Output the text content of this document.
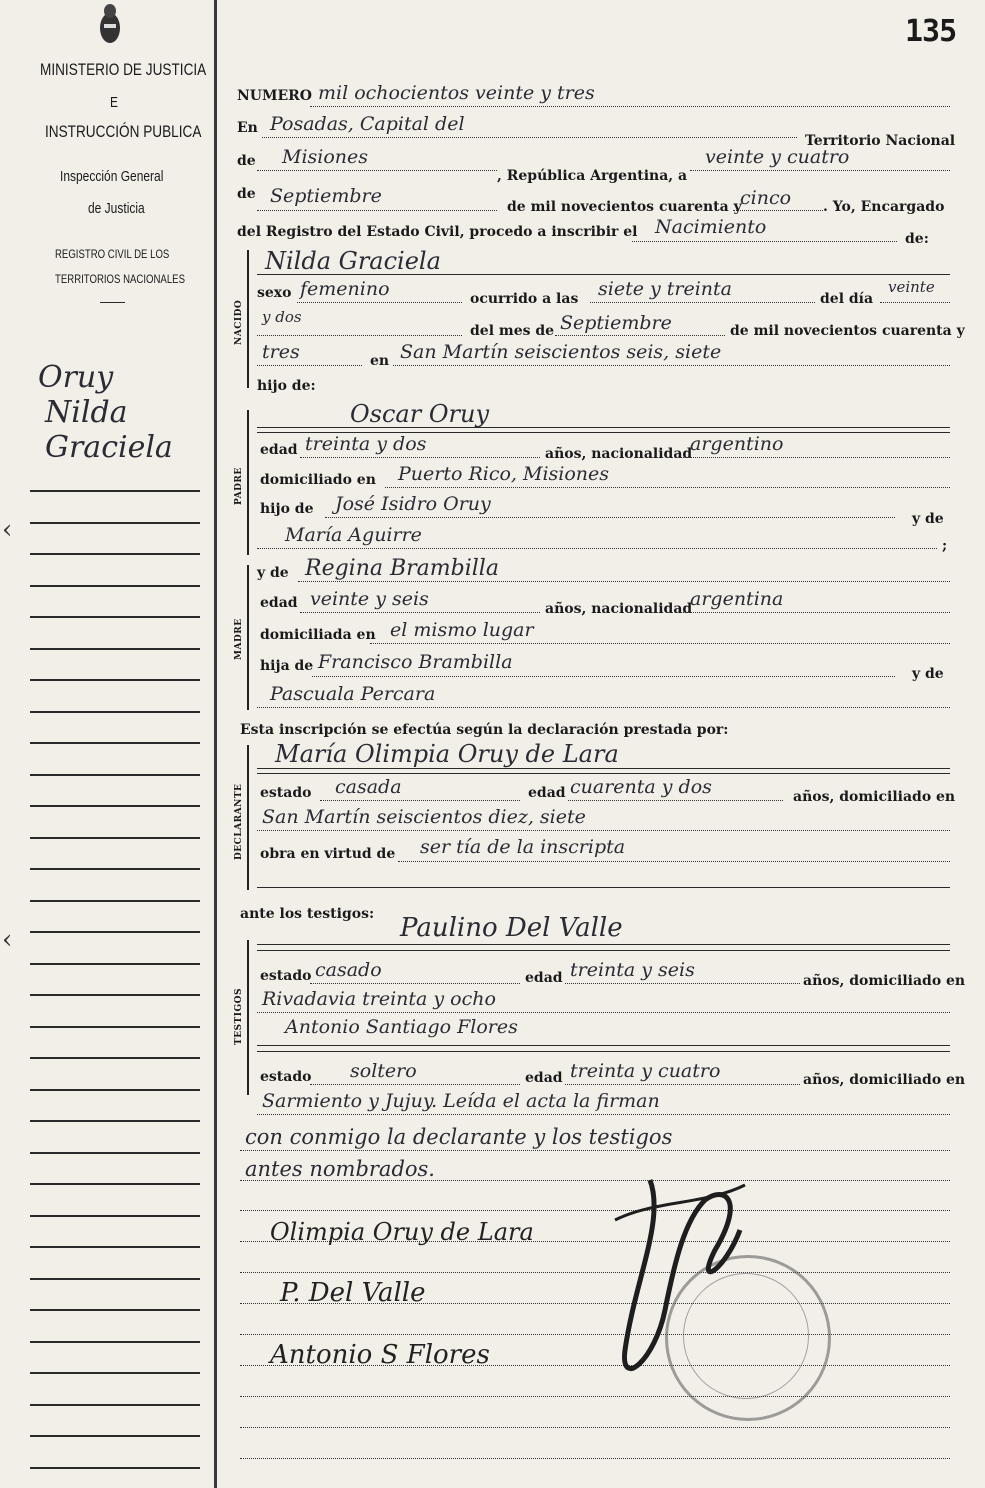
135
MINISTERIO DE JUSTICIA
E
INSTRUCCIÓN PUBLICA
Inspección General
de Justicia
REGISTRO CIVIL DE LOS
TERRITORIOS NACIONALES
Oruy
Nilda
Graciela
‹
‹
NUMERO mil ochocientos veinte y tres
En Posadas, Capital del
Territorio Nacional
de Misiones
, República Argentina, a
veinte y cuatro
de Septiembre	de mil novecientos cuarenta y
cinco . Yo, Encargado
del Registro del Estado Civil, procedo a inscribir el Nacimiento
de:
NACIDO
Nilda Graciela
sexo femenino	ocurrido a las siete y treinta	del día
veinte
y dos
del mes de Septiembre	de mil novecientos cuarenta y
tres	en San Martín seiscientos seis, siete
hijo de:
PADRE
Oscar Oruy
edad treinta y dos	años, nacionalidad
argentino
domiciliado en Puerto Rico, Misiones
hijo de José Isidro Oruy
y de
María Aguirre	;
MADRE
y de Regina Brambilla
edad veinte y seis	años, nacionalidad
argentina
domiciliada en el mismo lugar
hija de Francisco Brambilla
y de
Pascuala Percara
Esta inscripción se efectúa según la declaración prestada por:
DECLARANTE
María Olimpia Oruy de Lara
estado casada	edad cuarenta y dos	años, domiciliado en
San Martín seiscientos diez, siete
obra en virtud de ser tía de la inscripta
ante los testigos:
TESTIGOS
Paulino Del Valle
estado casado	edad treinta y seis	años, domiciliado en
Rivadavia treinta y ocho
Antonio Santiago Flores
estado soltero	edad treinta y cuatro	años, domiciliado en
Sarmiento y Jujuy. Leída el acta la firman
con conmigo la declarante y los testigos
antes nombrados.
Olimpia Oruy de Lara
P. Del Valle
Antonio S Flores
